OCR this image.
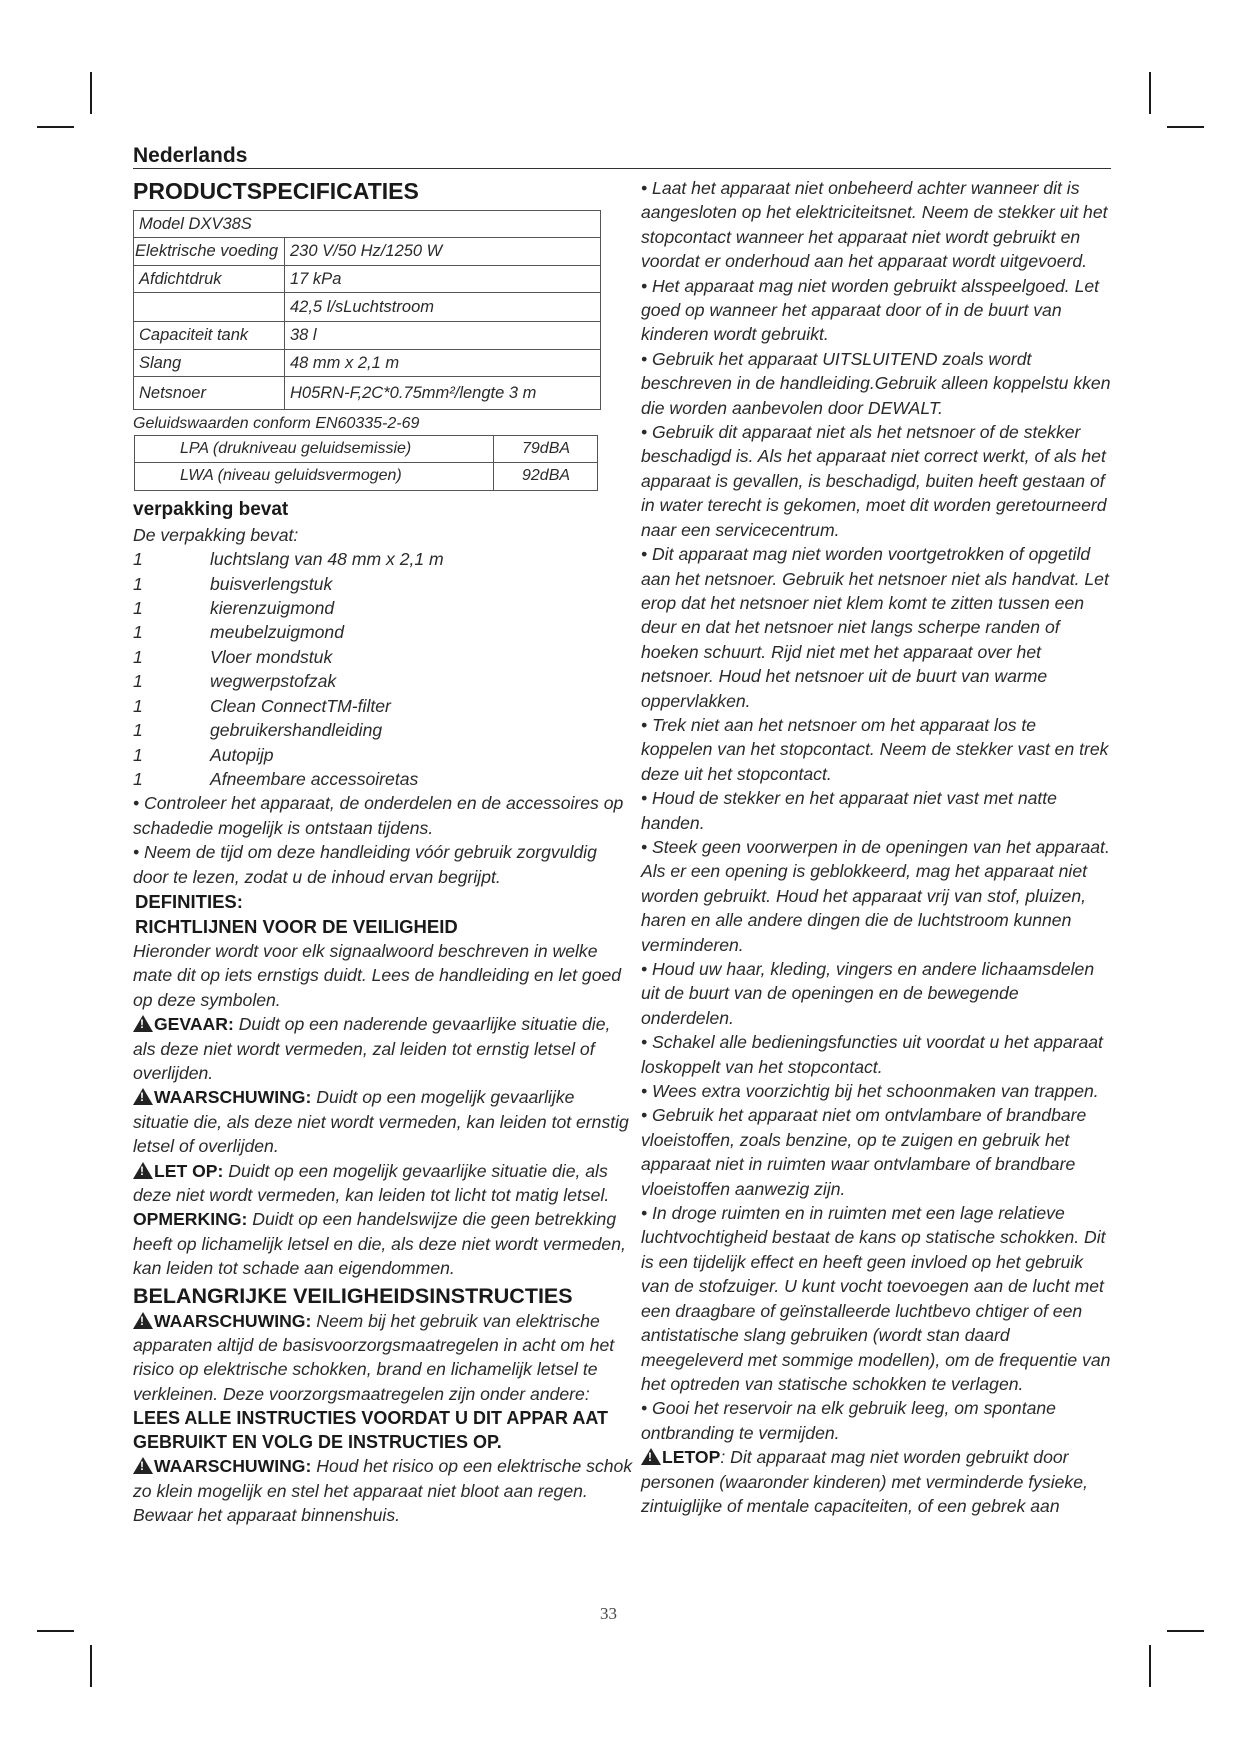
Nederlands
PRODUCTSPECIFICATIES
Model DXV38S	
Elektrische voeding	230 V/50 Hz/1250 W
Afdichtdruk	17 kPa
	42,5 l/sLuchtstroom
Capaciteit tank	38 l
Slang	48 mm x 2,1 m
Netsnoer	H05RN-F,2C*0.75mm²/lengte 3 m
Geluidswaarden conform EN60335-2-69
LPA (drukniveau geluidsemissie)	79dBA
LWA (niveau geluidsvermogen)	92dBA
verpakking bevat

De verpakking bevat:

1	luchtslang van 48 mm x 2,1 m
1	buisverlengstuk
1	kierenzuigmond
1	meubelzuigmond
1	Vloer mondstuk
1	wegwerpstofzak
1	Clean ConnectTM-filter
1	gebruikershandleiding
1	Autopijp
1	Afneembare accessoiretas

• Controleer het apparaat, de onderdelen en de accessoires op schadedie mogelijk is ontstaan tijdens.

• Neem de tijd om deze handleiding vóór gebruik zorgvuldig door te lezen, zodat u de inhoud ervan begrijpt.

DEFINITIES:
RICHTLIJNEN VOOR DE VEILIGHEID

Hieronder wordt voor elk signaalwoord beschreven in welke mate dit op iets ernstigs duidt. Lees de handleiding en let goed op deze symbolen.

!GEVAAR: Duidt op een naderende gevaarlijke situatie die, als deze niet wordt vermeden, zal leiden tot ernstig letsel of overlijden.

!WAARSCHUWING: Duidt op een mogelijk gevaarlijke situatie die, als deze niet wordt vermeden, kan leiden tot ernstig letsel of overlijden.

!LET OP: Duidt op een mogelijk gevaarlijke situatie die, als deze niet wordt vermeden, kan leiden tot licht tot matig letsel.

OPMERKING: Duidt op een handelswijze die geen betrekking heeft op lichamelijk letsel en die, als deze niet wordt vermeden, kan leiden tot schade aan eigendommen.

BELANGRIJKE VEILIGHEIDSINSTRUCTIES

!WAARSCHUWING: Neem bij het gebruik van elektrische apparaten altijd de basisvoorzorgsmaatregelen in acht om het risico op elektrische schokken, brand en lichamelijk letsel te verkleinen. Deze voorzorgsmaatregelen zijn onder andere:

LEES ALLE INSTRUCTIES VOORDAT U DIT APPAR AAT GEBRUIKT EN VOLG DE INSTRUCTIES OP.

!WAARSCHUWING: Houd het risico op een elektrische schok zo klein mogelijk en stel het apparaat niet bloot aan regen. Bewaar het apparaat binnenshuis.

• Laat het apparaat niet onbeheerd achter wanneer dit is aangesloten op het elektriciteitsnet. Neem de stekker uit het stopcontact wanneer het apparaat niet wordt gebruikt en voordat er onderhoud aan het apparaat wordt uitgevoerd.

• Het apparaat mag niet worden gebruikt alsspeelgoed. Let goed op wanneer het apparaat door of in de buurt van kinderen wordt gebruikt.

• Gebruik het apparaat UITSLUITEND zoals wordt beschreven in de handleiding.Gebruik alleen koppelstu kken die worden aanbevolen door DEWALT.

• Gebruik dit apparaat niet als het netsnoer of de stekker beschadigd is. Als het apparaat niet correct werkt, of als het apparaat is gevallen, is beschadigd, buiten heeft gestaan of in water terecht is gekomen, moet dit worden geretourneerd naar een servicecentrum.

• Dit apparaat mag niet worden voortgetrokken of opgetild aan het netsnoer. Gebruik het netsnoer niet als handvat. Let erop dat het netsnoer niet klem komt te zitten tussen een deur en dat het netsnoer niet langs scherpe randen of hoeken schuurt. Rijd niet met het apparaat over het netsnoer. Houd het netsnoer uit de buurt van warme oppervlakken.

• Trek niet aan het netsnoer om het apparaat los te koppelen van het stopcontact. Neem de stekker vast en trek deze uit het stopcontact.

• Houd de stekker en het apparaat niet vast met natte handen.

• Steek geen voorwerpen in de openingen van het apparaat. Als er een opening is geblokkeerd, mag het apparaat niet worden gebruikt. Houd het apparaat vrij van stof, pluizen, haren en alle andere dingen die de luchtstroom kunnen verminderen.

• Houd uw haar, kleding, vingers en andere lichaamsdelen uit de buurt van de openingen en de bewegende onderdelen.

• Schakel alle bedieningsfuncties uit voordat u het apparaat loskoppelt van het stopcontact.

• Wees extra voorzichtig bij het schoonmaken van trappen.

• Gebruik het apparaat niet om ontvlambare of brandbare vloeistoffen, zoals benzine, op te zuigen en gebruik het apparaat niet in ruimten waar ontvlambare of brandbare vloeistoffen aanwezig zijn.

• In droge ruimten en in ruimten met een lage relatieve luchtvochtigheid bestaat de kans op statische schokken. Dit is een tijdelijk effect en heeft geen invloed op het gebruik van de stofzuiger. U kunt vocht toevoegen aan de lucht met een draagbare of geïnstalleerde luchtbevo chtiger of een antistatische slang gebruiken (wordt stan daard meegeleverd met sommige modellen), om de frequentie van het optreden van statische schokken te verlagen.

• Gooi het reservoir na elk gebruik leeg, om spontane ontbranding te vermijden.

!LETOP: Dit apparaat mag niet worden gebruikt door personen (waaronder kinderen) met verminderde fysieke, zintuiglijke of mentale capaciteiten, of een gebrek aan

33
